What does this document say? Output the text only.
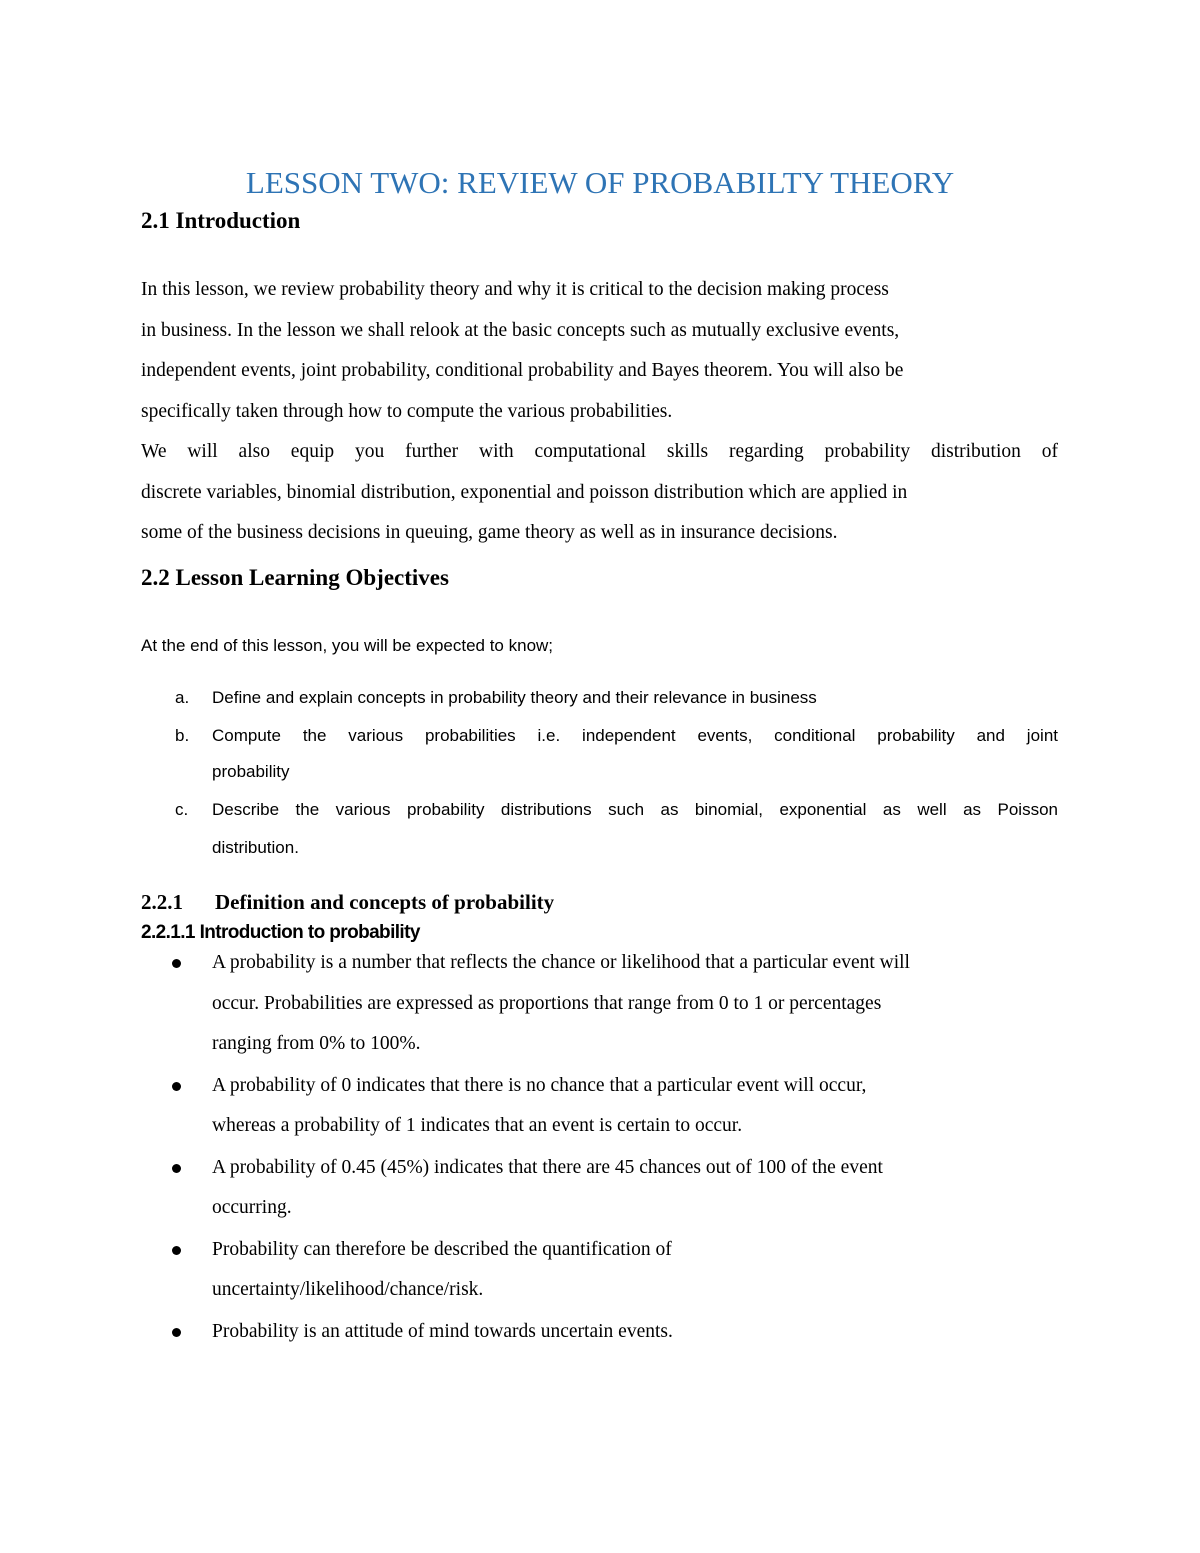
LESSON TWO: REVIEW OF PROBABILTY THEORY
2.1 Introduction
In this lesson, we review probability theory and why it is critical to the decision making process
in business. In the lesson we shall relook at the basic concepts such as mutually exclusive events,
independent events, joint probability, conditional probability and Bayes theorem. You will also be
specifically taken through how to compute the various probabilities.
We will also equip you further with computational skills regarding probability distribution of
discrete variables, binomial distribution, exponential and poisson distribution which are applied in
some of the business decisions in queuing, game theory as well as in insurance decisions.
2.2 Lesson Learning Objectives
At the end of this lesson, you will be expected to know;
a. Define and explain concepts in probability theory and their relevance in business
b. Compute the various probabilities i.e. independent events, conditional probability and joint
probability
c. Describe the various probability distributions such as binomial, exponential as well as Poisson
distribution.
2.2.1 Definition and concepts of probability
2.2.1.1 Introduction to probability
A probability is a number that reflects the chance or likelihood that a particular event will
occur. Probabilities are expressed as proportions that range from 0 to 1 or percentages
ranging from 0% to 100%.
A probability of 0 indicates that there is no chance that a particular event will occur,
whereas a probability of 1 indicates that an event is certain to occur.
A probability of 0.45 (45%) indicates that there are 45 chances out of 100 of the event
occurring.
Probability can therefore be described the quantification of
uncertainty/likelihood/chance/risk.
Probability is an attitude of mind towards uncertain events.
